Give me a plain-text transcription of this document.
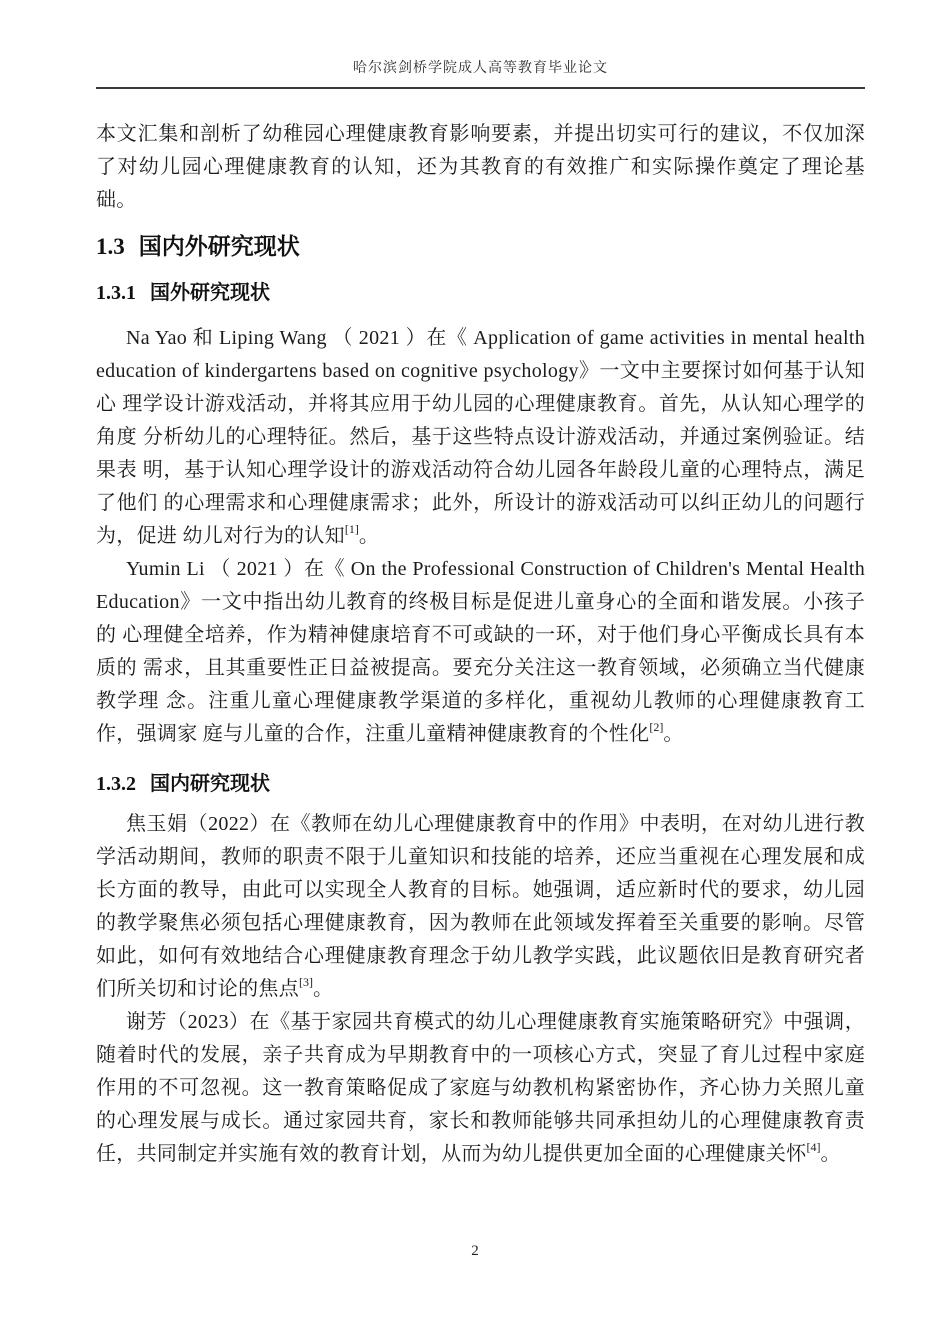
哈尔滨剑桥学院成人高等教育毕业论文

本文汇集和剖析了幼稚园心理健康教育影响要素，并提出切实可行的建议，不仅加深了对幼儿园心理健康教育的认知，还为其教育的有效推广和实际操作奠定了理论基础。

1.3 国内外研究现状
1.3.1 国外研究现状

Na Yao 和 Liping Wang （ 2021 ）在《 Application of game activities in mental health education of kindergartens based on cognitive psychology》一文中主要探讨如何基于认知心 理学设计游戏活动，并将其应用于幼儿园的心理健康教育。首先，从认知心理学的角度 分析幼儿的心理特征。然后，基于这些特点设计游戏活动，并通过案例验证。结果表 明，基于认知心理学设计的游戏活动符合幼儿园各年龄段儿童的心理特点，满足了他们 的心理需求和心理健康需求；此外，所设计的游戏活动可以纠正幼儿的问题行为，促进 幼儿对行为的认知[1]。

Yumin Li （ 2021 ）在《 On the Professional Construction of Children's Mental Health Education》一文中指出幼儿教育的终极目标是促进儿童身心的全面和谐发展。小孩子的 心理健全培养，作为精神健康培育不可或缺的一环，对于他们身心平衡成长具有本质的 需求，且其重要性正日益被提高。要充分关注这一教育领域，必须确立当代健康教学理 念。注重儿童心理健康教学渠道的多样化，重视幼儿教师的心理健康教育工作，强调家 庭与儿童的合作，注重儿童精神健康教育的个性化[2]。

1.3.2 国内研究现状

焦玉娟（2022）在《教师在幼儿心理健康教育中的作用》中表明，在对幼儿进行教学活动期间，教师的职责不限于儿童知识和技能的培养，还应当重视在心理发展和成长方面的教导，由此可以实现全人教育的目标。她强调，适应新时代的要求，幼儿园的教学聚焦必须包括心理健康教育，因为教师在此领域发挥着至关重要的影响。尽管如此，如何有效地结合心理健康教育理念于幼儿教学实践，此议题依旧是教育研究者们所关切和讨论的焦点[3]。

谢芳（2023）在《基于家园共育模式的幼儿心理健康教育实施策略研究》中强调，随着时代的发展，亲子共育成为早期教育中的一项核心方式，突显了育儿过程中家庭作用的不可忽视。这一教育策略促成了家庭与幼教机构紧密协作，齐心协力关照儿童的心理发展与成长。通过家园共育，家长和教师能够共同承担幼儿的心理健康教育责任，共同制定并实施有效的教育计划，从而为幼儿提供更加全面的心理健康关怀[4]。

2
